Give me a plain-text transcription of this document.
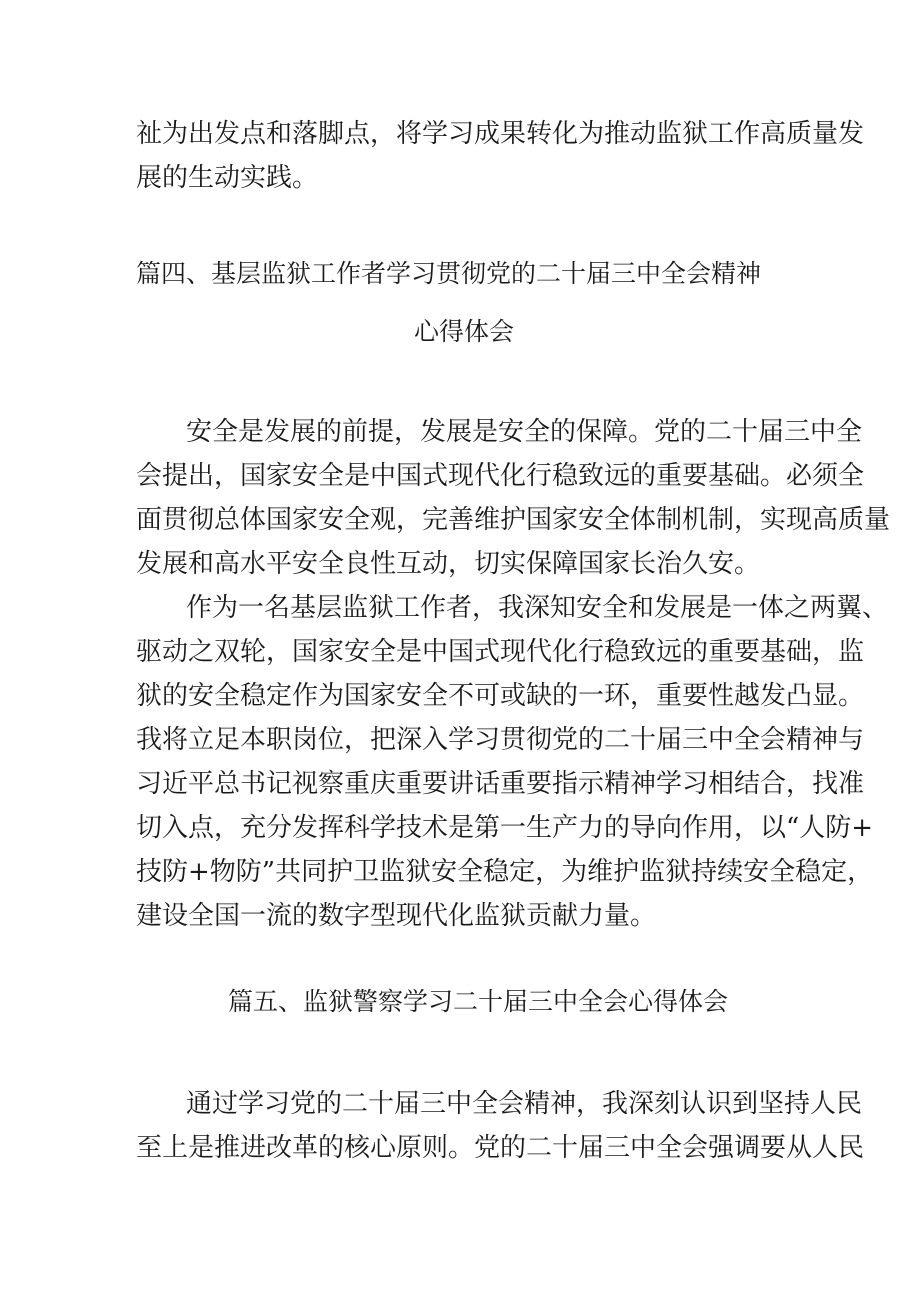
祉为出发点和落脚点，将学习成果转化为推动监狱工作高质量发
展的生动实践。
篇四、基层监狱工作者学习贯彻党的二十届三中全会精神
心得体会
安全是发展的前提，发展是安全的保障。党的二十届三中全
会提出，国家安全是中国式现代化行稳致远的重要基础。必须全
面贯彻总体国家安全观，完善维护国家安全体制机制，实现高质量
发展和高水平安全良性互动，切实保障国家长治久安。
作为一名基层监狱工作者，我深知安全和发展是一体之两翼、
驱动之双轮，国家安全是中国式现代化行稳致远的重要基础，监
狱的安全稳定作为国家安全不可或缺的一环，重要性越发凸显。
我将立足本职岗位，把深入学习贯彻党的二十届三中全会精神与
习近平总书记视察重庆重要讲话重要指示精神学习相结合，找准
切入点，充分发挥科学技术是第一生产力的导向作用，以“人防+
技防+物防”共同护卫监狱安全稳定，为维护监狱持续安全稳定，
建设全国一流的数字型现代化监狱贡献力量。
篇五、监狱警察学习二十届三中全会心得体会
通过学习党的二十届三中全会精神，我深刻认识到坚持人民
至上是推进改革的核心原则。党的二十届三中全会强调要从人民
